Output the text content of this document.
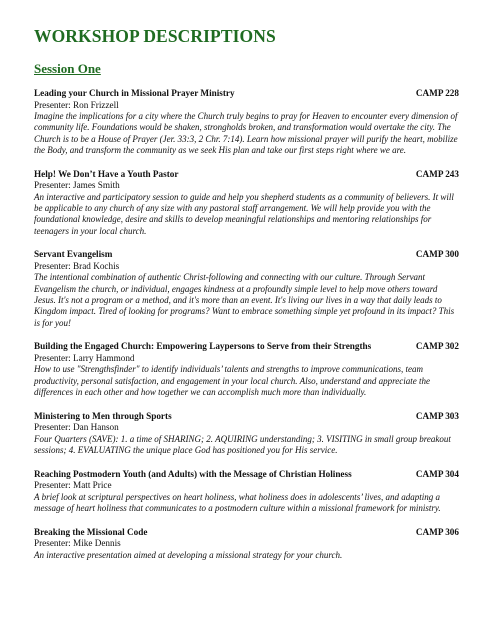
WORKSHOP DESCRIPTIONS
Session One
Leading your Church in Missional Prayer Ministry	CAMP 228
Presenter: Ron Frizzell

Imagine the implications for a city where the Church truly begins to pray for Heaven to encounter every dimension of community life. Foundations would be shaken, strongholds broken, and transformation would overtake the city. The Church is to be a House of Prayer (Jer. 33:3, 2 Chr. 7:14). Learn how missional prayer will purify the heart, mobilize the Body, and transform the community as we seek His plan and take our first steps right where we are.

Help! We Don’t Have a Youth Pastor	CAMP 243
Presenter: James Smith

An interactive and participatory session to guide and help you shepherd students as a community of believers. It will be applicable to any church of any size with any pastoral staff arrangement. We will help provide you with the foundational knowledge, desire and skills to develop meaningful relationships and mentoring relationships for teenagers in your local church.

Servant Evangelism	CAMP 300
Presenter: Brad Kochis

The intentional combination of authentic Christ-following and connecting with our culture. Through Servant Evangelism the church, or individual, engages kindness at a profoundly simple level to help move others toward Jesus. It's not a program or a method, and it's more than an event. It's living our lives in a way that daily leads to Kingdom impact. Tired of looking for programs? Want to embrace something simple yet profound in its impact? This is for you!

Building the Engaged Church: Empowering Laypersons to Serve from their Strengths	CAMP 302
Presenter: Larry Hammond

How to use "Strengthsfinder" to identify individuals’ talents and strengths to improve communications, team productivity, personal satisfaction, and engagement in your local church. Also, understand and appreciate the differences in each other and how together we can accomplish much more than individually.

Ministering to Men through Sports	CAMP 303
Presenter: Dan Hanson

Four Quarters (SAVE): 1. a time of SHARING; 2. AQUIRING understanding; 3. VISITING in small group breakout sessions; 4. EVALUATING the unique place God has positioned you for His service.

Reaching Postmodern Youth (and Adults) with the Message of Christian Holiness	CAMP 304
Presenter: Matt Price

A brief look at scriptural perspectives on heart holiness, what holiness does in adolescents’ lives, and adapting a message of heart holiness that communicates to a postmodern culture within a missional framework for ministry.

Breaking the Missional Code	CAMP 306
Presenter: Mike Dennis

An interactive presentation aimed at developing a missional strategy for your church.
